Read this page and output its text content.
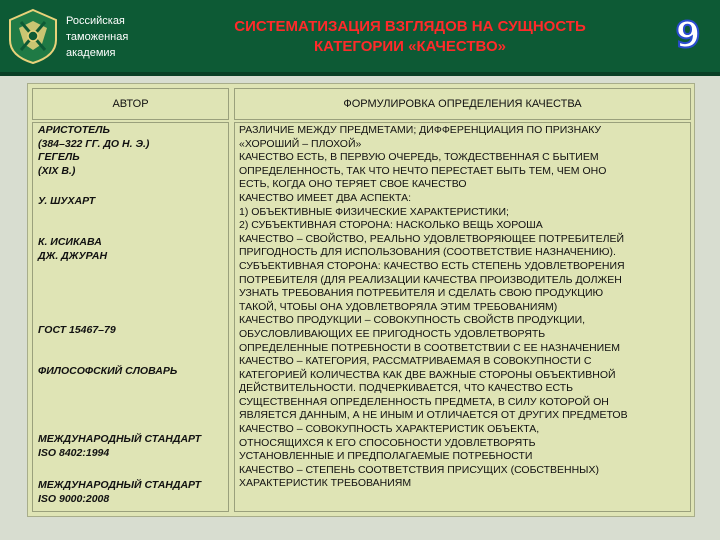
Российская
таможенная
академия
СИСТЕМАТИЗАЦИЯ ВЗГЛЯДОВ НА СУЩНОСТЬ
КАТЕГОРИИ «КАЧЕСТВО»	9
АВТОР	ФОРМУЛИРОВКА ОПРЕДЕЛЕНИЯ КАЧЕСТВА

АРИСТОТЕЛЬ
(384–322 ГГ. ДО Н. Э.)
ГЕГЕЛЬ
(XIX В.)

У. ШУХАРТ

К. ИСИКАВА
ДЖ. ДЖУРАН

ГОСТ 15467–79

ФИЛОСОФСКИЙ СЛОВАРЬ

МЕЖДУНАРОДНЫЙ СТАНДАРТ
ISO 8402:1994

МЕЖДУНАРОДНЫЙ СТАНДАРТ
ISO 9000:2008

РАЗЛИЧИЕ МЕЖДУ ПРЕДМЕТАМИ; ДИФФЕРЕНЦИАЦИЯ ПО ПРИЗНАКУ
«ХОРОШИЙ – ПЛОХОЙ»
КАЧЕСТВО ЕСТЬ, В ПЕРВУЮ ОЧЕРЕДЬ, ТОЖДЕСТВЕННАЯ С БЫТИЕМ
ОПРЕДЕЛЕННОСТЬ, ТАК ЧТО НЕЧТО ПЕРЕСТАЕТ БЫТЬ ТЕМ, ЧЕМ ОНО
ЕСТЬ, КОГДА ОНО ТЕРЯЕТ СВОЕ КАЧЕСТВО
КАЧЕСТВО ИМЕЕТ ДВА АСПЕКТА:
1) ОБЪЕКТИВНЫЕ ФИЗИЧЕСКИЕ ХАРАКТЕРИСТИКИ;
2) СУБЪЕКТИВНАЯ СТОРОНА: НАСКОЛЬКО ВЕЩЬ ХОРОША
КАЧЕСТВО – СВОЙСТВО, РЕАЛЬНО УДОВЛЕТВОРЯЮЩЕЕ ПОТРЕБИТЕЛЕЙ
ПРИГОДНОСТЬ ДЛЯ ИСПОЛЬЗОВАНИЯ (СООТВЕТСТВИЕ НАЗНАЧЕНИЮ).
СУБЪЕКТИВНАЯ СТОРОНА: КАЧЕСТВО ЕСТЬ СТЕПЕНЬ УДОВЛЕТВОРЕНИЯ
ПОТРЕБИТЕЛЯ (ДЛЯ РЕАЛИЗАЦИИ КАЧЕСТВА ПРОИЗВОДИТЕЛЬ ДОЛЖЕН
УЗНАТЬ ТРЕБОВАНИЯ ПОТРЕБИТЕЛЯ И СДЕЛАТЬ СВОЮ ПРОДУКЦИЮ
ТАКОЙ, ЧТОБЫ ОНА УДОВЛЕТВОРЯЛА ЭТИМ ТРЕБОВАНИЯМ)
КАЧЕСТВО ПРОДУКЦИИ – СОВОКУПНОСТЬ СВОЙСТВ ПРОДУКЦИИ,
ОБУСЛОВЛИВАЮЩИХ ЕЕ ПРИГОДНОСТЬ УДОВЛЕТВОРЯТЬ
ОПРЕДЕЛЕННЫЕ ПОТРЕБНОСТИ В СООТВЕТСТВИИ С ЕЕ НАЗНАЧЕНИЕМ
КАЧЕСТВО – КАТЕГОРИЯ, РАССМАТРИВАЕМАЯ В СОВОКУПНОСТИ С
КАТЕГОРИЕЙ КОЛИЧЕСТВА КАК ДВЕ ВАЖНЫЕ СТОРОНЫ ОБЪЕКТИВНОЙ
ДЕЙСТВИТЕЛЬНОСТИ. ПОДЧЕРКИВАЕТСЯ, ЧТО КАЧЕСТВО ЕСТЬ
СУЩЕСТВЕННАЯ ОПРЕДЕЛЕННОСТЬ ПРЕДМЕТА, В СИЛУ КОТОРОЙ ОН
ЯВЛЯЕТСЯ ДАННЫМ, А НЕ ИНЫМ И ОТЛИЧАЕТСЯ ОТ ДРУГИХ ПРЕДМЕТОВ
КАЧЕСТВО – СОВОКУПНОСТЬ ХАРАКТЕРИСТИК ОБЪЕКТА,
ОТНОСЯЩИХСЯ К ЕГО СПОСОБНОСТИ УДОВЛЕТВОРЯТЬ
УСТАНОВЛЕННЫЕ И ПРЕДПОЛАГАЕМЫЕ ПОТРЕБНОСТИ
КАЧЕСТВО – СТЕПЕНЬ СООТВЕТСТВИЯ ПРИСУЩИХ (СОБСТВЕННЫХ)
ХАРАКТЕРИСТИК ТРЕБОВАНИЯМ
